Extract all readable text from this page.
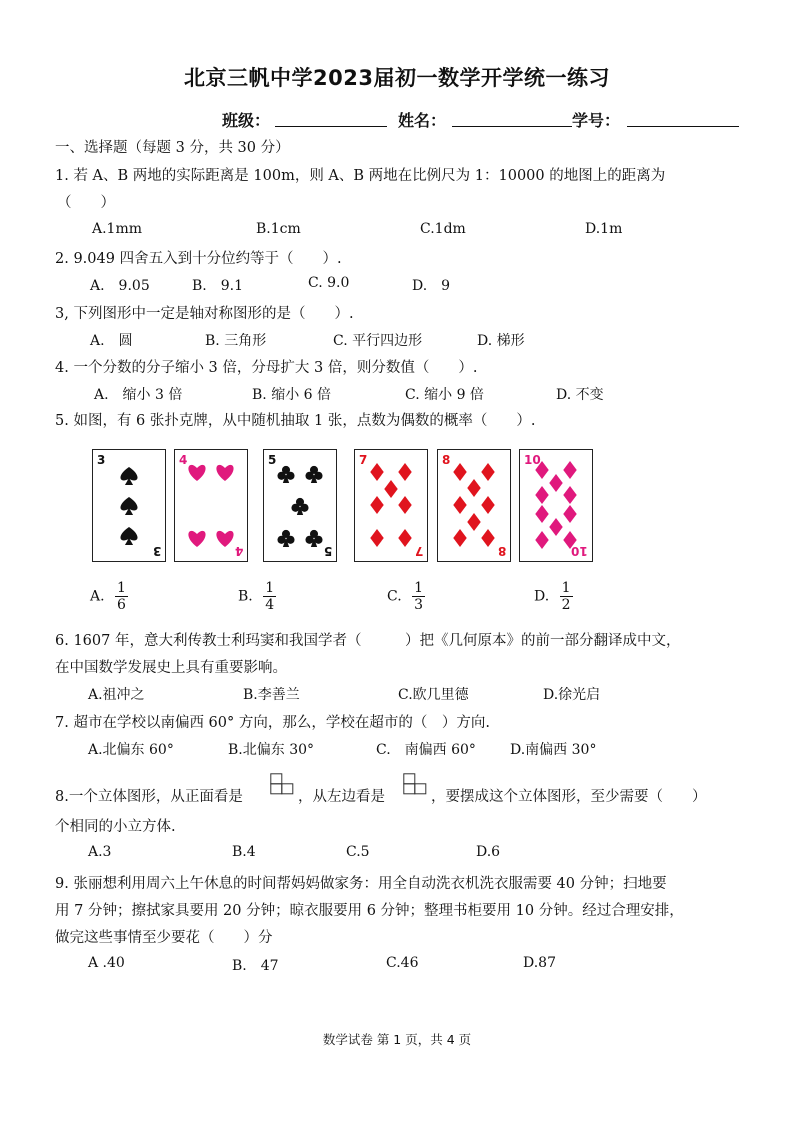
北京三帆中学2023届初一数学开学统一练习
班级：	姓名：	学号：
一、选择题（每题 3 分，共 30 分）
1. 若 A、B 两地的实际距离是 100m，则 A、B 两地在比例尺为 1：10000 的地图上的距离为
（　　）
A.1mm	B.1cm	C.1dm	D.1m
2. 9.049 四舍五入到十分位约等于（　　）.
A.　9.05	B.　9.1	C. 9.0	D.　9
3, 下列图形中一定是轴对称图形的是（　　）.
A.　圆	B. 三角形	C. 平行四边形	D. 梯形
4. 一个分数的分子缩小 3 倍，分母扩大 3 倍，则分数值（　　）.
A.　缩小 3 倍	B. 缩小 6 倍	C. 缩小 9 倍	D. 不变
5. 如图，有 6 张扑克牌，从中随机抽取 1 张，点数为偶数的概率（　　）.
3
3
4
4
5
5
7
7
8
8
10
10
A. $\frac{1}{6}$	B. $\frac{1}{4}$	C. $\frac{1}{3}$	D. $\frac{1}{2}$
6. 1607 年，意大利传教士利玛窦和我国学者（　　　）把《几何原本》的前一部分翻译成中文，
在中国数学发展史上具有重要影响。
A.祖冲之	B.李善兰	C.欧几里德	D.徐光启
7. 超市在学校以南偏西 60° 方向，那么，学校在超市的（　）方向.
A.北偏东 60°	B.北偏东 30°	C.　南偏西 60° D.南偏西 30°
8.一个立体图形，从正面看是	，从左边看是	，要摆成这个立体图形，至少需要（　　）
个相同的小立方体.
A.3	B.4	C.5	D.6
9. 张丽想利用周六上午休息的时间帮妈妈做家务：用全自动洗衣机洗衣服需要 40 分钟；扫地要
用 7 分钟；擦拭家具要用 20 分钟；晾衣服要用 6 分钟；整理书柜要用 10 分钟。经过合理安排，
做完这些事情至少要花（　　）分
A .40	B.　47	C.46	D.87
数学试卷 第 1 页，共 4 页
